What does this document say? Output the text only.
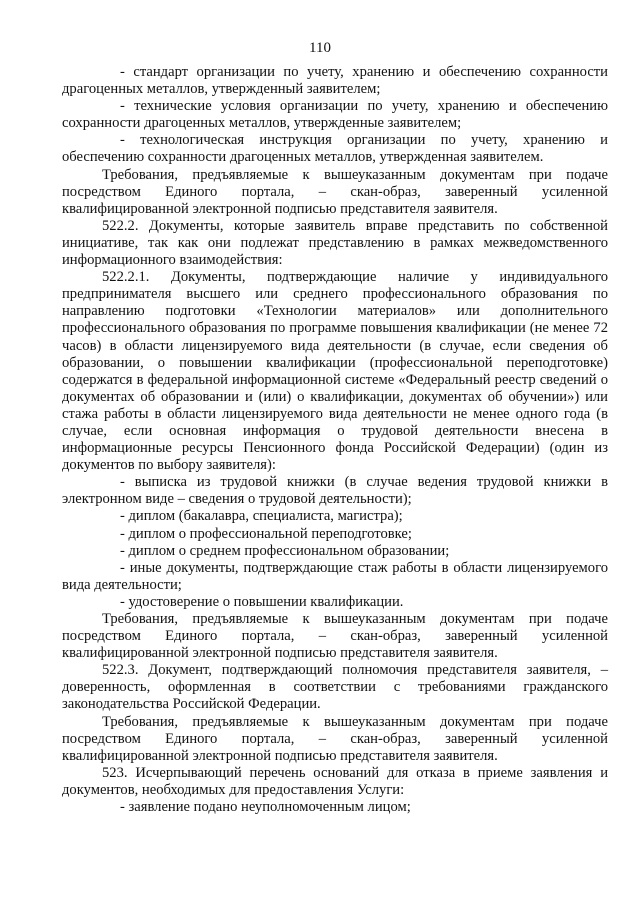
110

- стандарт организации по учету, хранению и обеспечению сохранности драгоценных металлов, утвержденный заявителем;

- технические условия организации по учету, хранению и обеспечению сохранности драгоценных металлов, утвержденные заявителем;

- технологическая инструкция организации по учету, хранению и обеспечению сохранности драгоценных металлов, утвержденная заявителем.

Требования, предъявляемые к вышеуказанным документам при подаче посредством Единого портала, – скан-образ, заверенный усиленной квалифицированной электронной подписью представителя заявителя.

522.2. Документы, которые заявитель вправе представить по собственной инициативе, так как они подлежат представлению в рамках межведомственного информационного взаимодействия:

522.2.1. Документы, подтверждающие наличие у индивидуального предпринимателя высшего или среднего профессионального образования по направлению подготовки «Технологии материалов» или дополнительного профессионального образования по программе повышения квалификации (не менее 72 часов) в области лицензируемого вида деятельности (в случае, если сведения об образовании, о повышении квалификации (профессиональной переподготовке) содержатся в федеральной информационной системе «Федеральный реестр сведений о документах об образовании и (или) о квалификации, документах об обучении») или стажа работы в области лицензируемого вида деятельности не менее одного года (в случае, если основная информация о трудовой деятельности внесена в информационные ресурсы Пенсионного фонда Российской Федерации) (один из документов по выбору заявителя):

- выписка из трудовой книжки (в случае ведения трудовой книжки в электронном виде – сведения о трудовой деятельности);

- диплом (бакалавра, специалиста, магистра);

- диплом о профессиональной переподготовке;

- диплом о среднем профессиональном образовании;

- иные документы, подтверждающие стаж работы в области лицензируемого вида деятельности;

- удостоверение о повышении квалификации.

Требования, предъявляемые к вышеуказанным документам при подаче посредством Единого портала, – скан-образ, заверенный усиленной квалифицированной электронной подписью представителя заявителя.

522.3. Документ, подтверждающий полномочия представителя заявителя, – доверенность, оформленная в соответствии с требованиями гражданского законодательства Российской Федерации.

Требования, предъявляемые к вышеуказанным документам при подаче посредством Единого портала, – скан-образ, заверенный усиленной квалифицированной электронной подписью представителя заявителя.

523. Исчерпывающий перечень оснований для отказа в приеме заявления и документов, необходимых для предоставления Услуги:

- заявление подано неуполномоченным лицом;
